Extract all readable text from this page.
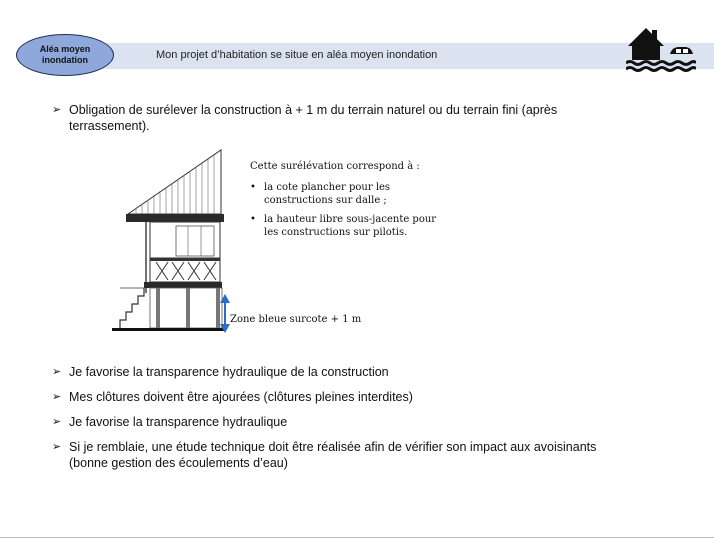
Mon projet d’habitation se situe en aléa moyen inondation
Aléa moyen
inondation
➢ Obligation de surélever la construction à + 1 m du terrain naturel ou du terrain fini (après terrassement).
Cette surélévation correspond à :
• la cote plancher pour les constructions sur dalle ;
• la hauteur libre sous-jacente pour les constructions sur pilotis.
Zone bleue surcote + 1 m
➢ Je favorise la transparence hydraulique de la construction
➢ Mes clôtures doivent être ajourées (clôtures pleines interdites)
➢ Je favorise la transparence hydraulique
➢ Si je remblaie, une étude technique doit être réalisée afin de vérifier son impact aux avoisinants (bonne gestion des écoulements d’eau)
